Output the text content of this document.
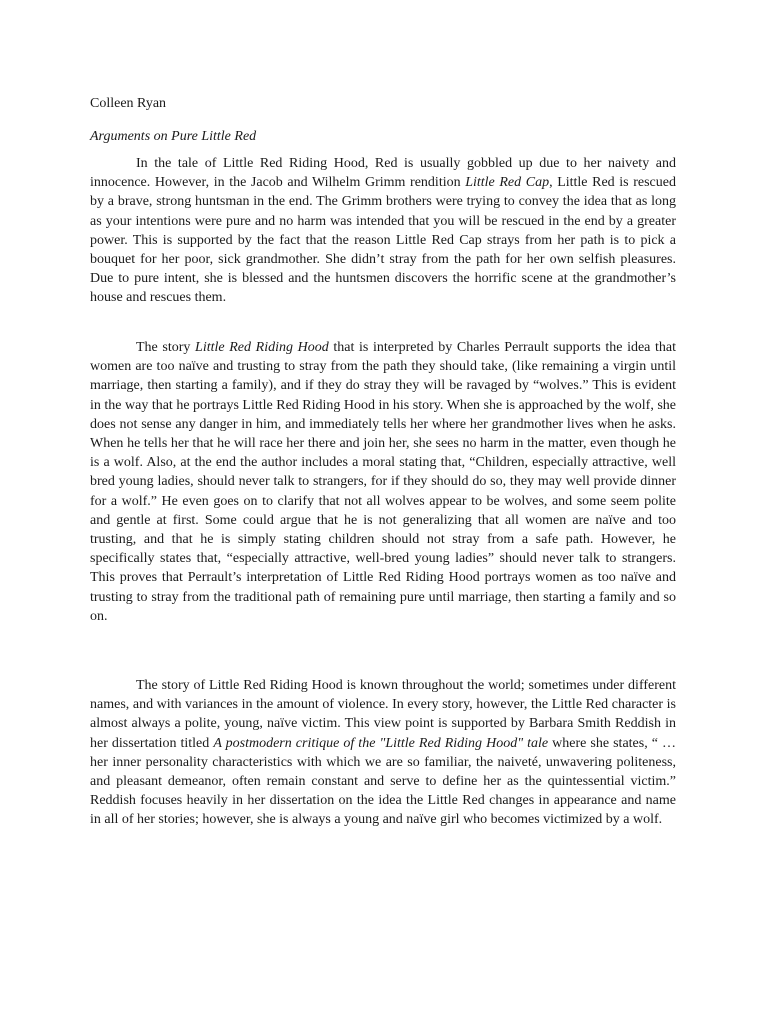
Colleen Ryan
Arguments on Pure Little Red

In the tale of Little Red Riding Hood, Red is usually gobbled up due to her naivety and innocence. However, in the Jacob and Wilhelm Grimm rendition Little Red Cap, Little Red is rescued by a brave, strong huntsman in the end. The Grimm brothers were trying to convey the idea that as long as your intentions were pure and no harm was intended that you will be rescued in the end by a greater power. This is supported by the fact that the reason Little Red Cap strays from her path is to pick a bouquet for her poor, sick grandmother. She didn’t stray from the path for her own selfish pleasures. Due to pure intent, she is blessed and the huntsmen discovers the horrific scene at the grandmother’s house and rescues them.

The story Little Red Riding Hood that is interpreted by Charles Perrault supports the idea that women are too naïve and trusting to stray from the path they should take, (like remaining a virgin until marriage, then starting a family), and if they do stray they will be ravaged by “wolves.” This is evident in the way that he portrays Little Red Riding Hood in his story. When she is approached by the wolf, she does not sense any danger in him, and immediately tells her where her grandmother lives when he asks. When he tells her that he will race her there and join her, she sees no harm in the matter, even though he is a wolf. Also, at the end the author includes a moral stating that, “Children, especially attractive, well bred young ladies, should never talk to strangers, for if they should do so, they may well provide dinner for a wolf.” He even goes on to clarify that not all wolves appear to be wolves, and some seem polite and gentle at first. Some could argue that he is not generalizing that all women are naïve and too trusting, and that he is simply stating children should not stray from a safe path. However, he specifically states that, “especially attractive, well-bred young ladies” should never talk to strangers. This proves that Perrault’s interpretation of Little Red Riding Hood portrays women as too naïve and trusting to stray from the traditional path of remaining pure until marriage, then starting a family and so on.

The story of Little Red Riding Hood is known throughout the world; sometimes under different names, and with variances in the amount of violence. In every story, however, the Little Red character is almost always a polite, young, naïve victim. This view point is supported by Barbara Smith Reddish in her dissertation titled A postmodern critique of the "Little Red Riding Hood" tale where she states, “ …her inner personality characteristics with which we are so familiar, the naiveté, unwavering politeness, and pleasant demeanor, often remain constant and serve to define her as the quintessential victim.” Reddish focuses heavily in her dissertation on the idea the Little Red changes in appearance and name in all of her stories; however, she is always a young and naïve girl who becomes victimized by a wolf.
